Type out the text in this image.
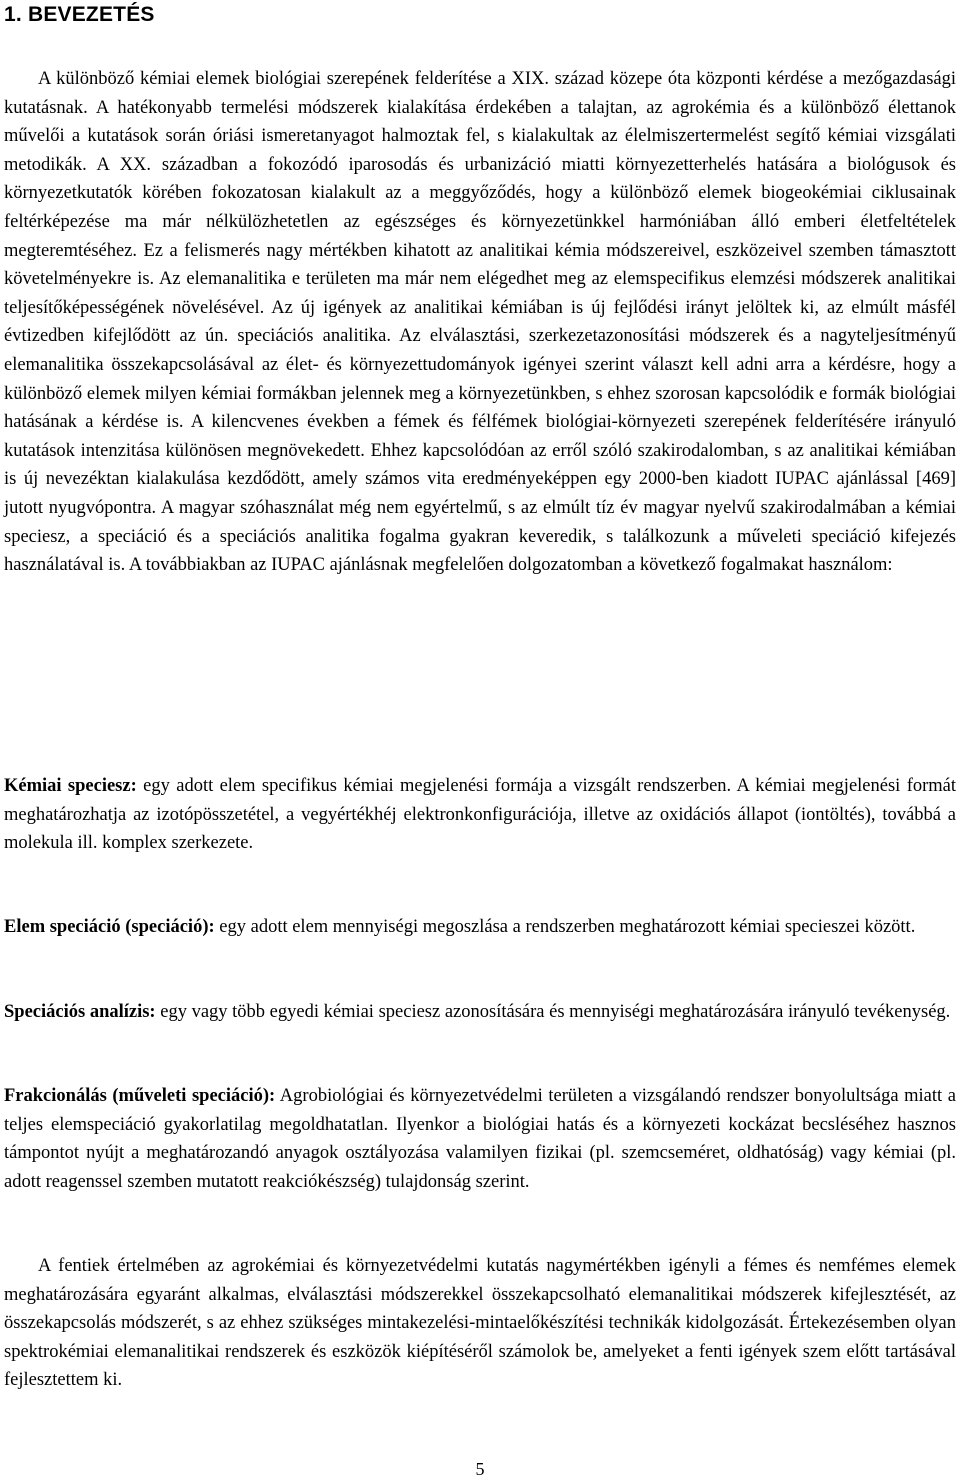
1. BEVEZETÉS

A különböző kémiai elemek biológiai szerepének felderítése a XIX. század közepe óta központi kérdése a mezőgazdasági kutatásnak. A hatékonyabb termelési módszerek kialakítása érdekében a talajtan, az agrokémia és a különböző élettanok művelői a kutatások során óriási ismeretanyagot halmoztak fel, s kialakultak az élelmiszertermelést segítő kémiai vizsgálati metodikák. A XX. században a fokozódó iparosodás és urbanizáció miatti környezetterhelés hatására a biológusok és környezetkutatók körében fokozatosan kialakult az a meggyőződés, hogy a különböző elemek biogeokémiai ciklusainak feltérképezése ma már nélkülözhetetlen az egészséges és környezetünkkel harmóniában álló emberi életfeltételek megteremtéséhez. Ez a felismerés nagy mértékben kihatott az analitikai kémia módszereivel, eszközeivel szemben támasztott követelményekre is. Az elemanalitika e területen ma már nem elégedhet meg az elemspecifikus elemzési módszerek analitikai teljesítőképességének növelésével. Az új igények az analitikai kémiában is új fejlődési irányt jelöltek ki, az elmúlt másfél évtizedben kifejlődött az ún. speciációs analitika. Az elválasztási, szerkezetazonosítási módszerek és a nagyteljesítményű elemanalitika összekapcsolásával az élet- és környezettudományok igényei szerint választ kell adni arra a kérdésre, hogy a különböző elemek milyen kémiai formákban jelennek meg a környezetünkben, s ehhez szorosan kapcsolódik e formák biológiai hatásának a kérdése is. A kilencvenes években a fémek és félfémek biológiai-környezeti szerepének felderítésére irányuló kutatások intenzitása különösen megnövekedett. Ehhez kapcsolódóan az erről szóló szakirodalomban, s az analitikai kémiában is új nevezéktan kialakulása kezdődött, amely számos vita eredményeképpen egy 2000-ben kiadott IUPAC ajánlással [469] jutott nyugvópontra. A magyar szóhasználat még nem egyértelmű, s az elmúlt tíz év magyar nyelvű szakirodalmában a kémiai speciesz, a speciáció és a speciációs analitika fogalma gyakran keveredik, s találkozunk a műveleti speciáció kifejezés használatával is. A továbbiakban az IUPAC ajánlásnak megfelelően dolgozatomban a következő fogalmakat használom:

Kémiai speciesz: egy adott elem specifikus kémiai megjelenési formája a vizsgált rendszerben. A kémiai megjelenési formát meghatározhatja az izotópösszetétel, a vegyértékhéj elektronkonfigurációja, illetve az oxidációs állapot (iontöltés), továbbá a molekula ill. komplex szerkezete.

Elem speciáció (speciáció): egy adott elem mennyiségi megoszlása a rendszerben meghatározott kémiai specieszei között.

Speciációs analízis: egy vagy több egyedi kémiai speciesz azonosítására és mennyiségi meghatározására irányuló tevékenység.

Frakcionálás (műveleti speciáció): Agrobiológiai és környezetvédelmi területen a vizsgálandó rendszer bonyolultsága miatt a teljes elemspeciáció gyakorlatilag megoldhatatlan. Ilyenkor a biológiai hatás és a környezeti kockázat becsléséhez hasznos támpontot nyújt a meghatározandó anyagok osztályozása valamilyen fizikai (pl. szemcseméret, oldhatóság) vagy kémiai (pl. adott reagenssel szemben mutatott reakciókészség) tulajdonság szerint.

A fentiek értelmében az agrokémiai és környezetvédelmi kutatás nagymértékben igényli a fémes és nemfémes elemek meghatározására egyaránt alkalmas, elválasztási módszerekkel összekapcsolható elemanalitikai módszerek kifejlesztését, az összekapcsolás módszerét, s az ehhez szükséges mintakezelési-mintaelőkészítési technikák kidolgozását. Értekezésemben olyan spektrokémiai elemanalitikai rendszerek és eszközök kiépítéséről számolok be, amelyeket a fenti igények szem előtt tartásával fejlesztettem ki.

5
